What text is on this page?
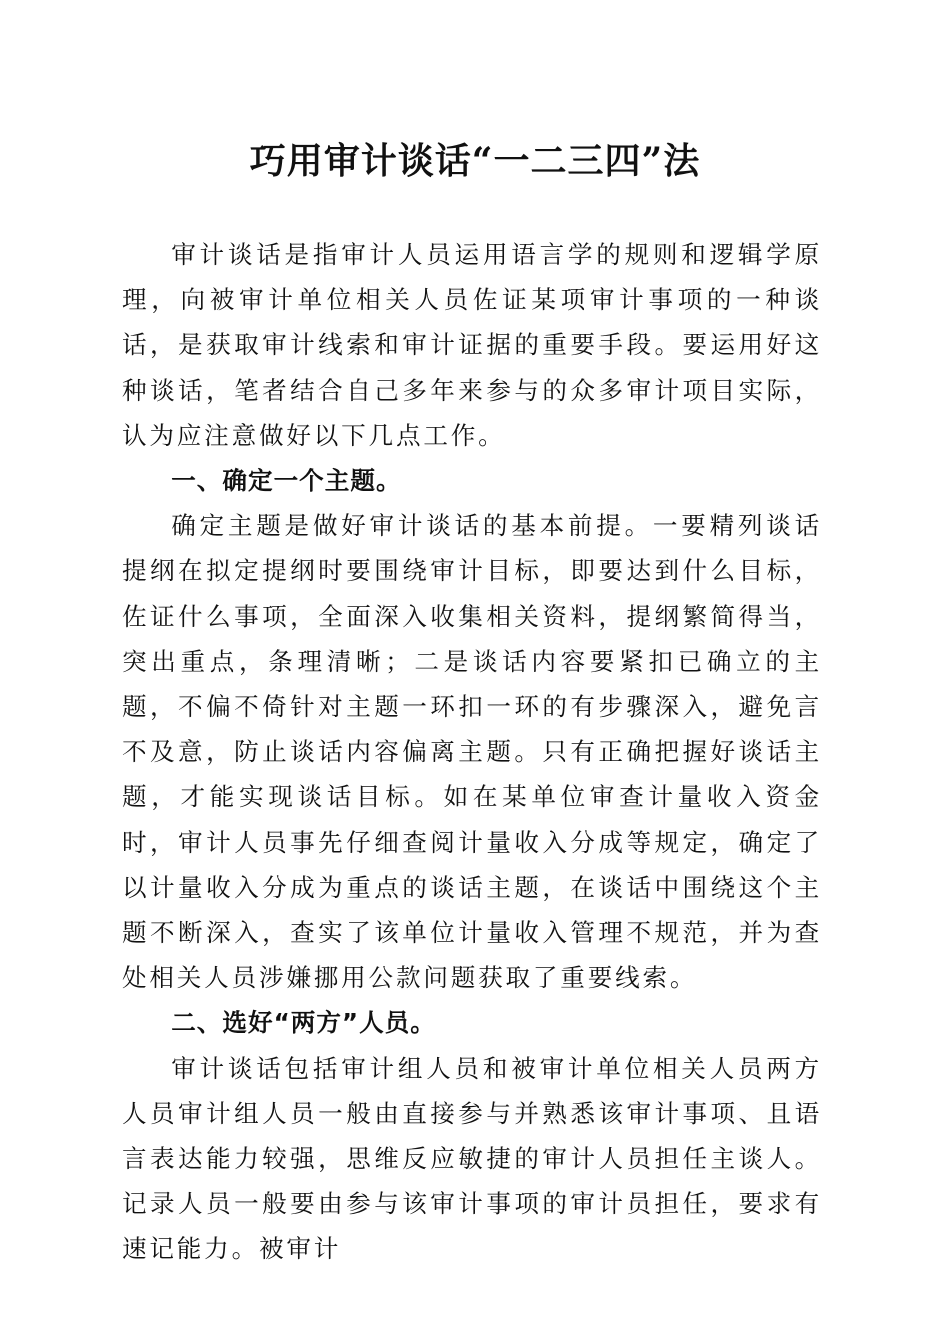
巧用审计谈话“一二三四”法

审计谈话是指审计人员运用语言学的规则和逻辑学原理，向被审计单位相关人员佐证某项审计事项的一种谈话，是获取审计线索和审计证据的重要手段。要运用好这种谈话，笔者结合自己多年来参与的众多审计项目实际，认为应注意做好以下几点工作。

一、确定一个主题。

确定主题是做好审计谈话的基本前提。一要精列谈话提纲在拟定提纲时要围绕审计目标，即要达到什么目标，佐证什么事项，全面深入收集相关资料，提纲繁简得当，突出重点，条理清晰；二是谈话内容要紧扣已确立的主题，不偏不倚针对主题一环扣一环的有步骤深入，避免言不及意，防止谈话内容偏离主题。只有正确把握好谈话主题，才能实现谈话目标。如在某单位审查计量收入资金时，审计人员事先仔细查阅计量收入分成等规定，确定了以计量收入分成为重点的谈话主题，在谈话中围绕这个主题不断深入，查实了该单位计量收入管理不规范，并为查处相关人员涉嫌挪用公款问题获取了重要线索。

二、选好“两方”人员。

审计谈话包括审计组人员和被审计单位相关人员两方人员审计组人员一般由直接参与并熟悉该审计事项、且语言表达能力较强，思维反应敏捷的审计人员担任主谈人。记录人员一般要由参与该审计事项的审计员担任，要求有速记能力。被审计
